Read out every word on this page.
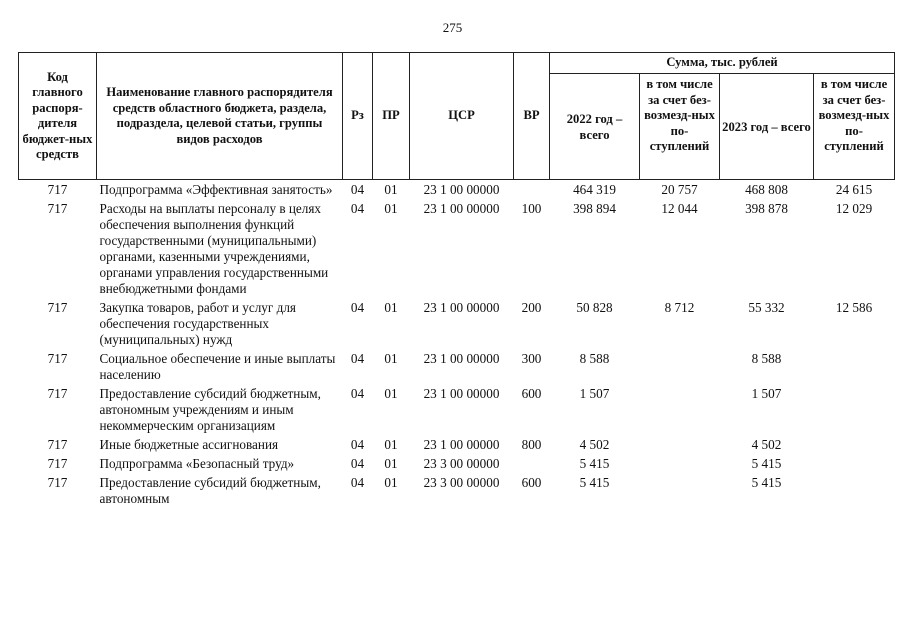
275
Код главного распоря-дителя бюджет-ных средств	Наименование главного распорядителя средств областного бюджета, раздела, подраздела, целевой статьи, группы видов расходов	Рз	ПР	ЦСР	ВР	Сумма, тыс. рублей			
						2022 год – всего	в том числе за счет без-возмезд-ных по-ступлений	2023 год – всего	в том числе за счет без-возмезд-ных по-ступлений
717	Подпрограмма «Эффективная занятость»	04	01	23 1 00 00000		464 319	20 757	468 808	24 615
717	Расходы на выплаты персоналу в целях обеспечения выполнения функций государственными (муниципальными) органами, казенными учреждениями, органами управления государственными внебюджетными фондами	04	01	23 1 00 00000	100	398 894	12 044	398 878	12 029
717	Закупка товаров, работ и услуг для обеспечения государственных (муниципальных) нужд	04	01	23 1 00 00000	200	50 828	8 712	55 332	12 586
717	Социальное обеспечение и иные выплаты населению	04	01	23 1 00 00000	300	8 588		8 588	
717	Предоставление субсидий бюджетным, автономным учреждениям и иным некоммерческим организациям	04	01	23 1 00 00000	600	1 507		1 507	
717	Иные бюджетные ассигнования	04	01	23 1 00 00000	800	4 502		4 502	
717	Подпрограмма «Безопасный труд»	04	01	23 3 00 00000		5 415		5 415	
717	Предоставление субсидий бюджетным, автономным	04	01	23 3 00 00000	600	5 415		5 415	
